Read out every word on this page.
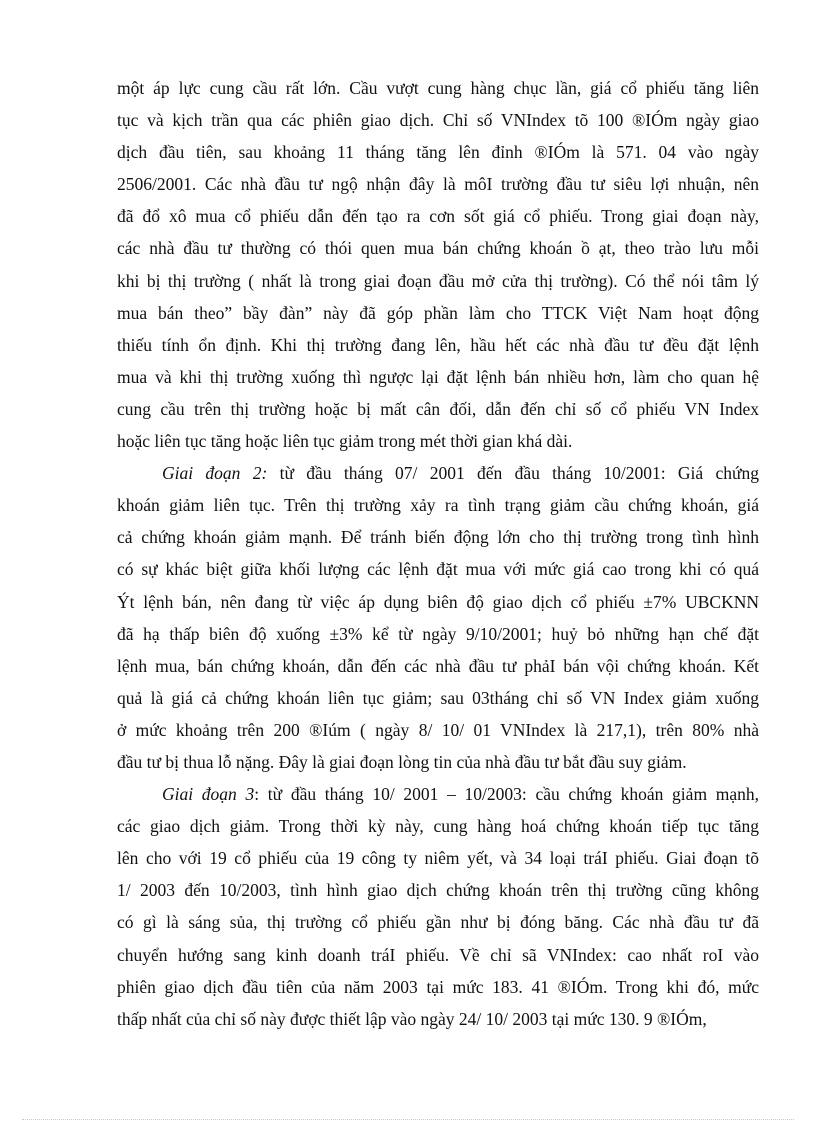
một áp lực cung cầu rất lớn. Cầu vượt cung hàng chục lần, giá cổ phiếu tăng liên
tục và kịch trần qua các phiên giao dịch. Chỉ số VNIndex tõ 100 ®IÓm ngày giao
dịch đầu tiên, sau khoảng 11 tháng tăng lên đỉnh ®IÓm là 571. 04 vào ngày
2506/2001. Các nhà đầu tư ngộ nhận đây là môI trường đầu tư siêu lợi nhuận, nên
đã đổ xô mua cổ phiếu dẫn đến tạo ra cơn sốt giá cổ phiếu. Trong giai đoạn này,
các nhà đầu tư thường có thói quen mua bán chứng khoán ồ ạt, theo trào lưu mỗi
khi bị thị trường ( nhất là trong giai đoạn đầu mở cửa thị trường). Có thể nói tâm lý
mua bán theo” bầy đàn” này đã góp phần làm cho TTCK Việt Nam hoạt động
thiếu tính ổn định. Khi thị trường đang lên, hầu hết các nhà đầu tư đều đặt lệnh
mua và khi thị trường xuống thì ngược lại đặt lệnh bán nhiều hơn, làm cho quan hệ
cung cầu trên thị trường hoặc bị mất cân đối, dẫn đến chỉ số cổ phiếu VN Index
hoặc liên tục tăng hoặc liên tục giảm trong mét thời gian khá dài.
Giai đoạn 2: từ đầu tháng 07/ 2001 đến đầu tháng 10/2001: Giá chứng
khoán giảm liên tục. Trên thị trường xảy ra tình trạng giảm cầu chứng khoán, giá
cả chứng khoán giảm mạnh. Để tránh biến động lớn cho thị trường trong tình hình
có sự khác biệt giữa khối lượng các lệnh đặt mua với mức giá cao trong khi có quá
Ýt lệnh bán, nên đang từ việc áp dụng biên độ giao dịch cổ phiếu ±7% UBCKNN
đã hạ thấp biên độ xuống ±3% kể từ ngày 9/10/2001; huỷ bỏ những hạn chế đặt
lệnh mua, bán chứng khoán, dẫn đến các nhà đầu tư phảI bán vội chứng khoán. Kết
quả là giá cả chứng khoán liên tục giảm; sau 03tháng chỉ số VN Index giảm xuống
ở mức khoảng trên 200 ®Iúm ( ngày 8/ 10/ 01 VNIndex là 217,1), trên 80% nhà
đầu tư bị thua lỗ nặng. Đây là giai đoạn lòng tin của nhà đầu tư bắt đầu suy giảm.
Giai đoạn 3: từ đầu tháng 10/ 2001 – 10/2003: cầu chứng khoán giảm mạnh,
các giao dịch giảm. Trong thời kỳ này, cung hàng hoá chứng khoán tiếp tục tăng
lên cho với 19 cổ phiếu của 19 công ty niêm yết, và 34 loại tráI phiếu. Giai đoạn tõ
1/ 2003 đến 10/2003, tình hình giao dịch chứng khoán trên thị trường cũng không
có gì là sáng sủa, thị trường cổ phiếu gần như bị đóng băng. Các nhà đầu tư đã
chuyển hướng sang kinh doanh tráI phiếu. Về chỉ sã VNIndex: cao nhất roI vào
phiên giao dịch đầu tiên của năm 2003 tại mức 183. 41 ®IÓm. Trong khi đó, mức
thấp nhất của chỉ số này được thiết lập vào ngày 24/ 10/ 2003 tại mức 130. 9 ®IÓm,
